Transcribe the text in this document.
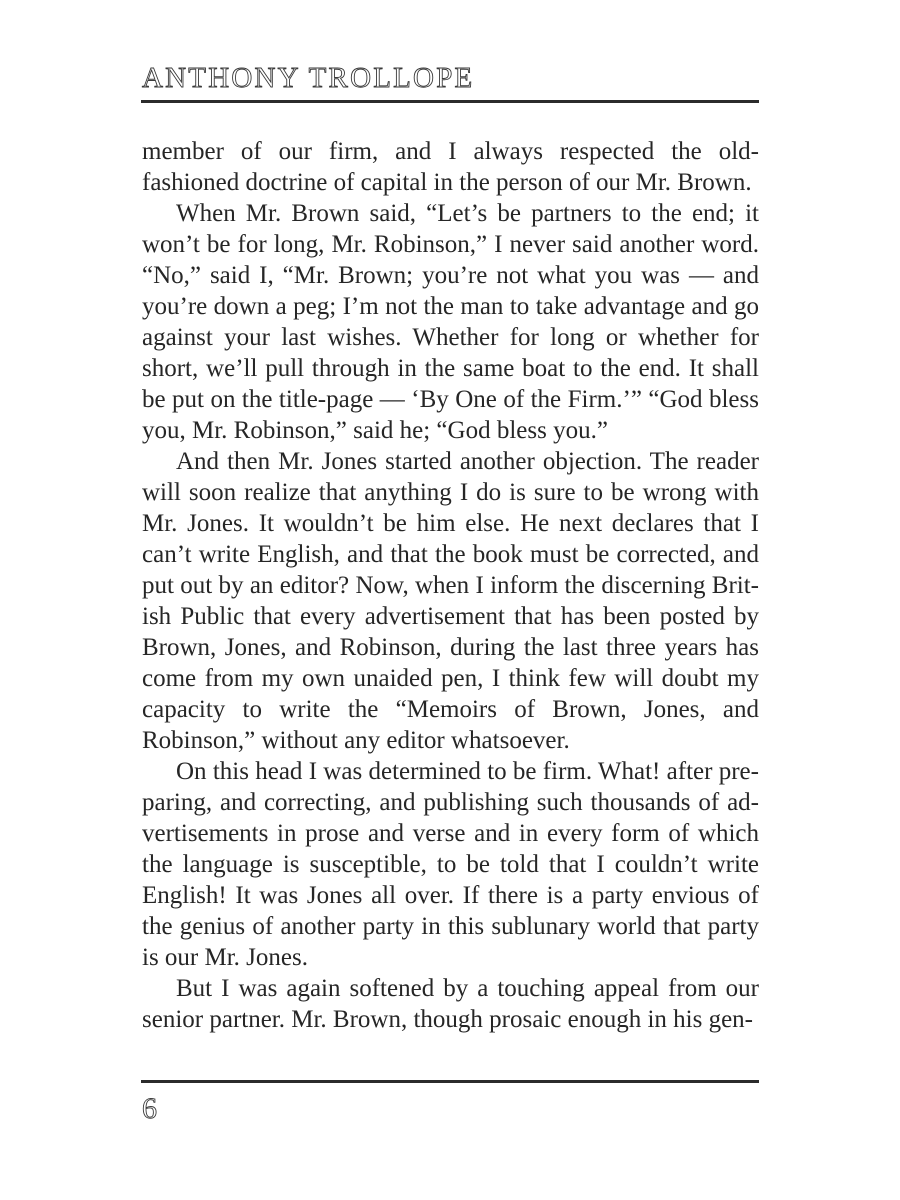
ANTHONY TROLLOPE

member of our firm, and I always respected the old-fashioned doctrine of capital in the person of our Mr. Brown.

When Mr. Brown said, “Let’s be partners to the end; it won’t be for long, Mr. Robinson,” I never said another word. “No,” said I, “Mr. Brown; you’re not what you was — and you’re down a peg; I’m not the man to take advantage and go against your last wishes. Whether for long or whether for short, we’ll pull through in the same boat to the end. It shall be put on the title-page — ‘By One of the Firm.’” “God bless you, Mr. Robinson,” said he; “God bless you.”

And then Mr. Jones started another objection. The reader will soon realize that anything I do is sure to be wrong with Mr. Jones. It wouldn’t be him else. He next declares that I can’t write English, and that the book must be corrected, and put out by an editor? Now, when I inform the discerning British Public that every advertisement that has been posted by Brown, Jones, and Robinson, during the last three years has come from my own unaided pen, I think few will doubt my capacity to write the “Memoirs of Brown, Jones, and Robinson,” without any editor whatsoever.

On this head I was determined to be firm. What! after preparing, and correcting, and publishing such thousands of advertisements in prose and verse and in every form of which the language is susceptible, to be told that I couldn’t write English! It was Jones all over. If there is a party envious of the genius of another party in this sublunary world that party is our Mr. Jones.

But I was again softened by a touching appeal from our senior partner. Mr. Brown, though prosaic enough in his gen-

6
